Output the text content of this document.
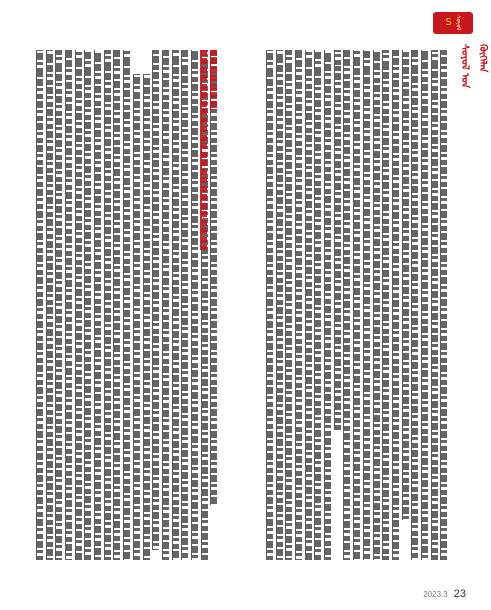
S ᠰᠣᠶᠣᠯ
ᠰᠣᠶᠣᠯ ᠤᠨ ᠬᠥᠬᠡᠯᠡᠨ
2023.3 23
